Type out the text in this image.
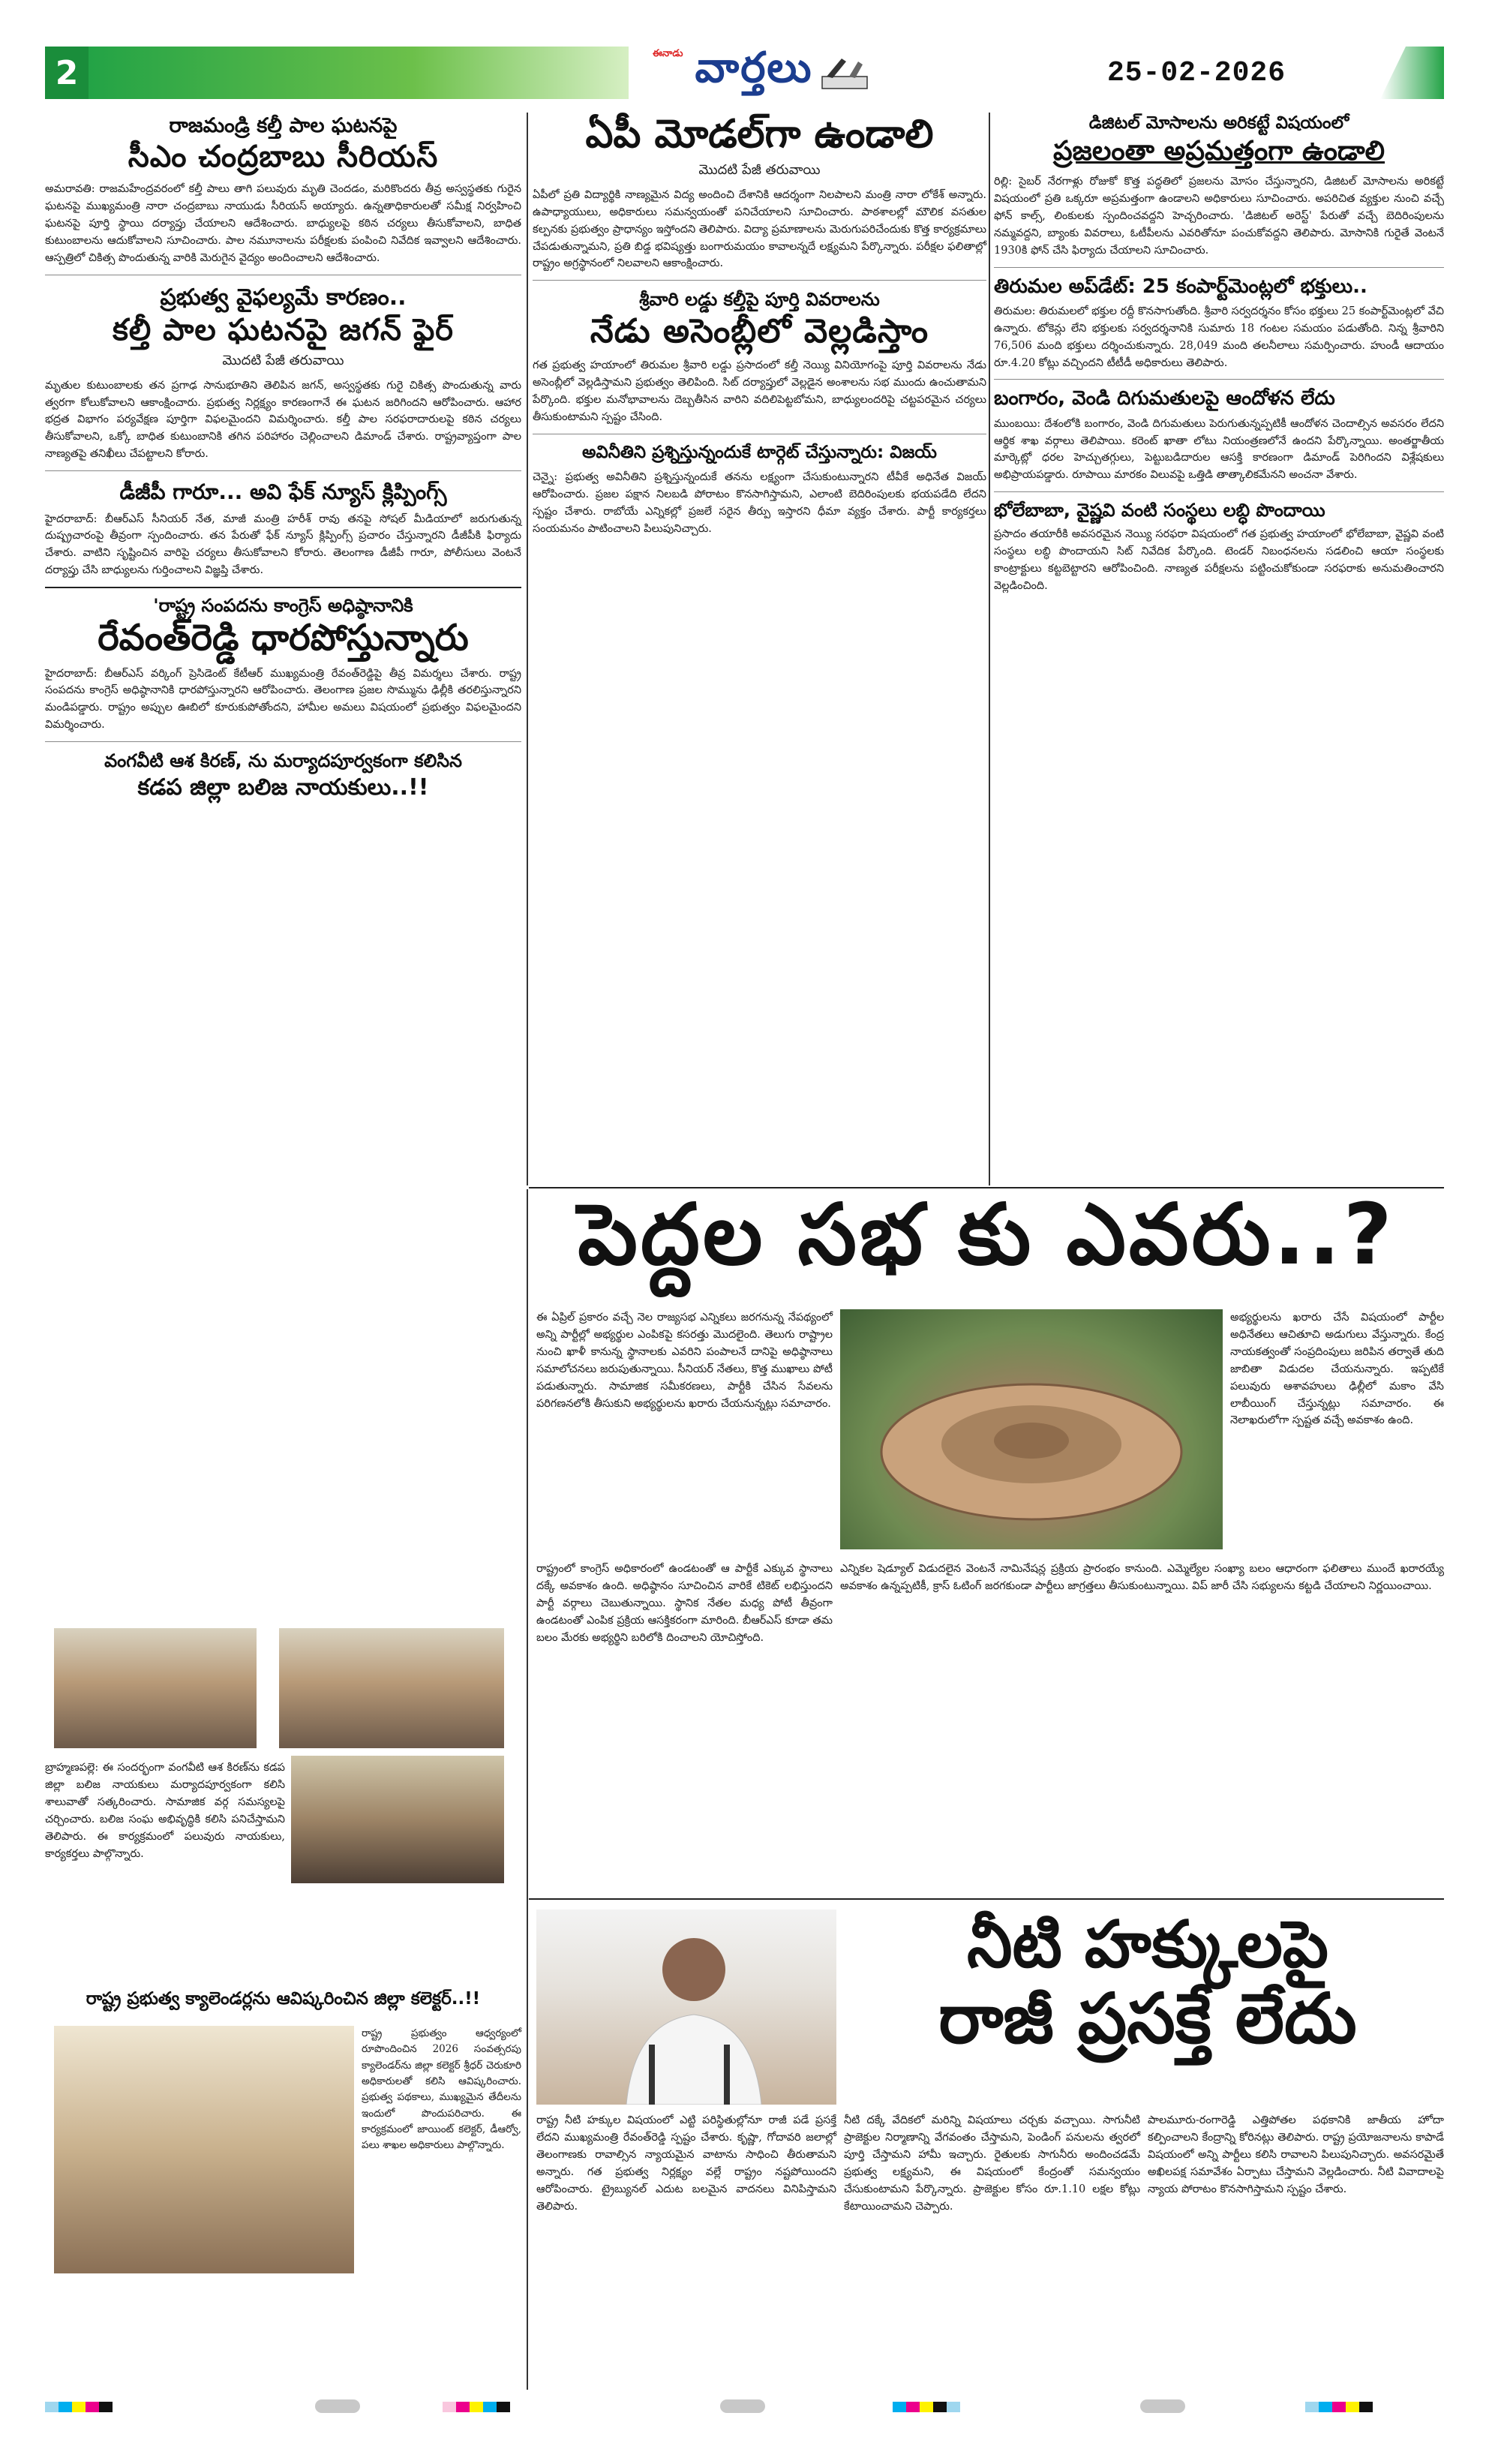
2	ఈనాడు వార్తలు	25-02-2026
రాజమండ్రి కల్తీ పాల ఘటనపై
సీఎం చంద్రబాబు సీరియస్
అమరావతి: రాజమహేంద్రవరంలో కల్తీ పాలు తాగి పలువురు మృతి చెందడం, మరికొందరు తీవ్ర అస్వస్థతకు గురైన ఘటనపై ముఖ్యమంత్రి నారా చంద్రబాబు నాయుడు సీరియస్ అయ్యారు. ఉన్నతాధికారులతో సమీక్ష నిర్వహించి ఘటనపై పూర్తి స్థాయి దర్యాప్తు చేయాలని ఆదేశించారు. బాధ్యులపై కఠిన చర్యలు తీసుకోవాలని, బాధిత కుటుంబాలను ఆదుకోవాలని సూచించారు. పాల నమూనాలను పరీక్షలకు పంపించి నివేదిక ఇవ్వాలని ఆదేశించారు. ఆస్పత్రిలో చికిత్స పొందుతున్న వారికి మెరుగైన వైద్యం అందించాలని ఆదేశించారు.
ప్రభుత్వ వైఫల్యమే కారణం..
కల్తీ పాల ఘటనపై జగన్ ఫైర్
మొదటి పేజీ తరువాయి
మృతుల కుటుంబాలకు తన ప్రగాఢ సానుభూతిని తెలిపిన జగన్, అస్వస్థతకు గురై చికిత్స పొందుతున్న వారు త్వరగా కోలుకోవాలని ఆకాంక్షించారు. ప్రభుత్వ నిర్లక్ష్యం కారణంగానే ఈ ఘటన జరిగిందని ఆరోపించారు. ఆహార భద్రత విభాగం పర్యవేక్షణ పూర్తిగా విఫలమైందని విమర్శించారు. కల్తీ పాల సరఫరాదారులపై కఠిన చర్యలు తీసుకోవాలని, ఒక్కో బాధిత కుటుంబానికి తగిన పరిహారం చెల్లించాలని డిమాండ్ చేశారు. రాష్ట్రవ్యాప్తంగా పాల నాణ్యతపై తనిఖీలు చేపట్టాలని కోరారు.
డీజీపీ గారూ... అవి ఫేక్ న్యూస్ క్లిప్పింగ్స్
హైదరాబాద్: బీఆర్ఎస్ సీనియర్ నేత, మాజీ మంత్రి హరీశ్ రావు తనపై సోషల్ మీడియాలో జరుగుతున్న దుష్ప్రచారంపై తీవ్రంగా స్పందించారు. తన పేరుతో ఫేక్ న్యూస్ క్లిప్పింగ్స్ ప్రచారం చేస్తున్నారని డీజీపీకి ఫిర్యాదు చేశారు. వాటిని సృష్టించిన వారిపై చర్యలు తీసుకోవాలని కోరారు. తెలంగాణ డీజీపీ గారూ, పోలీసులు వెంటనే దర్యాప్తు చేసి బాధ్యులను గుర్తించాలని విజ్ఞప్తి చేశారు.
'రాష్ట్ర సంపదను కాంగ్రెస్ అధిష్ఠానానికి
రేవంత్‌రెడ్డి ధారపోస్తున్నారు
హైదరాబాద్: బీఆర్ఎస్ వర్కింగ్ ప్రెసిడెంట్ కేటీఆర్ ముఖ్యమంత్రి రేవంత్‌రెడ్డిపై తీవ్ర విమర్శలు చేశారు. రాష్ట్ర సంపదను కాంగ్రెస్ అధిష్ఠానానికి ధారపోస్తున్నారని ఆరోపించారు. తెలంగాణ ప్రజల సొమ్మును ఢిల్లీకి తరలిస్తున్నారని మండిపడ్డారు. రాష్ట్రం అప్పుల ఊబిలో కూరుకుపోతోందని, హామీల అమలు విషయంలో ప్రభుత్వం విఫలమైందని విమర్శించారు.
వంగవీటి ఆశ కిరణ్‌, ను మర్యాదపూర్వకంగా కలిసిన
కడప జిల్లా బలిజ నాయకులు..!!
బ్రాహ్మణపల్లె: ఈ సందర్భంగా వంగవీటి ఆశ కిరణ్‌ను కడప జిల్లా బలిజ నాయకులు మర్యాదపూర్వకంగా కలిసి శాలువాతో సత్కరించారు. సామాజిక వర్గ సమస్యలపై చర్చించారు. బలిజ సంఘ అభివృద్ధికి కలిసి పనిచేస్తామని తెలిపారు. ఈ కార్యక్రమంలో పలువురు నాయకులు, కార్యకర్తలు పాల్గొన్నారు.
రాష్ట్ర ప్రభుత్వ క్యాలెండర్లను ఆవిష్కరించిన జిల్లా కలెక్టర్..!!
రాష్ట్ర ప్రభుత్వం ఆధ్వర్యంలో రూపొందించిన 2026 సంవత్సరపు క్యాలెండర్‌ను జిల్లా కలెక్టర్ శ్రీధర్ చెరుకూరి అధికారులతో కలిసి ఆవిష్కరించారు. ప్రభుత్వ పథకాలు, ముఖ్యమైన తేదీలను ఇందులో పొందుపరిచారు. ఈ కార్యక్రమంలో జాయింట్ కలెక్టర్, డీఆర్వో, పలు శాఖల అధికారులు పాల్గొన్నారు.
ఏపీ మోడల్‌గా ఉండాలి
మొదటి పేజీ తరువాయి
ఏపీలో ప్రతి విద్యార్థికి నాణ్యమైన విద్య అందించి దేశానికి ఆదర్శంగా నిలపాలని మంత్రి నారా లోకేశ్ అన్నారు. ఉపాధ్యాయులు, అధికారులు సమన్వయంతో పనిచేయాలని సూచించారు. పాఠశాలల్లో మౌలిక వసతుల కల్పనకు ప్రభుత్వం ప్రాధాన్యం ఇస్తోందని తెలిపారు. విద్యా ప్రమాణాలను మెరుగుపరిచేందుకు కొత్త కార్యక్రమాలు చేపడుతున్నామని, ప్రతి బిడ్డ భవిష్యత్తు బంగారుమయం కావాలన్నదే లక్ష్యమని పేర్కొన్నారు. పరీక్షల ఫలితాల్లో రాష్ట్రం అగ్రస్థానంలో నిలవాలని ఆకాంక్షించారు.
శ్రీవారి లడ్డు కల్తీపై పూర్తి వివరాలను
నేడు అసెంబ్లీలో వెల్లడిస్తాం
గత ప్రభుత్వ హయాంలో తిరుమల శ్రీవారి లడ్డు ప్రసాదంలో కల్తీ నెయ్యి వినియోగంపై పూర్తి వివరాలను నేడు అసెంబ్లీలో వెల్లడిస్తామని ప్రభుత్వం తెలిపింది. సిట్ దర్యాప్తులో వెల్లడైన అంశాలను సభ ముందు ఉంచుతామని పేర్కొంది. భక్తుల మనోభావాలను దెబ్బతీసిన వారిని వదిలిపెట్టబోమని, బాధ్యులందరిపై చట్టపరమైన చర్యలు తీసుకుంటామని స్పష్టం చేసింది.
అవినీతిని ప్రశ్నిస్తున్నందుకే టార్గెట్ చేస్తున్నారు: విజయ్
చెన్నై: ప్రభుత్వ అవినీతిని ప్రశ్నిస్తున్నందుకే తనను లక్ష్యంగా చేసుకుంటున్నారని టీవీకే అధినేత విజయ్ ఆరోపించారు. ప్రజల పక్షాన నిలబడి పోరాటం కొనసాగిస్తామని, ఎలాంటి బెదిరింపులకు భయపడేది లేదని స్పష్టం చేశారు. రాబోయే ఎన్నికల్లో ప్రజలే సరైన తీర్పు ఇస్తారని ధీమా వ్యక్తం చేశారు. పార్టీ కార్యకర్తలు సంయమనం పాటించాలని పిలుపునిచ్చారు.
డిజిటల్ మోసాలను అరికట్టే విషయంలో
ప్రజలంతా అప్రమత్తంగా ఉండాలి
రిల్లి: సైబర్ నేరగాళ్లు రోజుకో కొత్త పద్ధతిలో ప్రజలను మోసం చేస్తున్నారని, డిజిటల్ మోసాలను అరికట్టే విషయంలో ప్రతి ఒక్కరూ అప్రమత్తంగా ఉండాలని అధికారులు సూచించారు. అపరిచిత వ్యక్తుల నుంచి వచ్చే ఫోన్ కాల్స్, లింకులకు స్పందించవద్దని హెచ్చరించారు. 'డిజిటల్ అరెస్ట్' పేరుతో వచ్చే బెదిరింపులను నమ్మవద్దని, బ్యాంకు వివరాలు, ఓటీపీలను ఎవరితోనూ పంచుకోవద్దని తెలిపారు. మోసానికి గురైతే వెంటనే 1930కి ఫోన్ చేసి ఫిర్యాదు చేయాలని సూచించారు.
తిరుమల అప్‌డేట్: 25 కంపార్ట్‌మెంట్లలో భక్తులు..
తిరుమల: తిరుమలలో భక్తుల రద్దీ కొనసాగుతోంది. శ్రీవారి సర్వదర్శనం కోసం భక్తులు 25 కంపార్ట్‌మెంట్లలో వేచి ఉన్నారు. టోకెన్లు లేని భక్తులకు సర్వదర్శనానికి సుమారు 18 గంటల సమయం పడుతోంది. నిన్న శ్రీవారిని 76,506 మంది భక్తులు దర్శించుకున్నారు. 28,049 మంది తలనీలాలు సమర్పించారు. హుండీ ఆదాయం రూ.4.20 కోట్లు వచ్చిందని టీటీడీ అధికారులు తెలిపారు.
బంగారం, వెండి దిగుమతులపై ఆందోళన లేదు
ముంబయి: దేశంలోకి బంగారం, వెండి దిగుమతులు పెరుగుతున్నప్పటికీ ఆందోళన చెందాల్సిన అవసరం లేదని ఆర్థిక శాఖ వర్గాలు తెలిపాయి. కరెంట్ ఖాతా లోటు నియంత్రణలోనే ఉందని పేర్కొన్నాయి. అంతర్జాతీయ మార్కెట్లో ధరల హెచ్చుతగ్గులు, పెట్టుబడిదారుల ఆసక్తి కారణంగా డిమాండ్ పెరిగిందని విశ్లేషకులు అభిప్రాయపడ్డారు. రూపాయి మారకం విలువపై ఒత్తిడి తాత్కాలికమేనని అంచనా వేశారు.
భోలేబాబా, వైష్ణవి వంటి సంస్థలు లబ్ధి పొందాయి
ప్రసాదం తయారీకి అవసరమైన నెయ్యి సరఫరా విషయంలో గత ప్రభుత్వ హయాంలో భోలేబాబా, వైష్ణవి వంటి సంస్థలు లబ్ధి పొందాయని సిట్ నివేదిక పేర్కొంది. టెండర్ నిబంధనలను సడలించి ఆయా సంస్థలకు కాంట్రాక్టులు కట్టబెట్టారని ఆరోపించింది. నాణ్యత పరీక్షలను పట్టించుకోకుండా సరఫరాకు అనుమతించారని వెల్లడించింది.
పెద్దల సభ కు ఎవరు..?
ఈ ఏప్రిల్ ప్రకారం వచ్చే నెల రాజ్యసభ ఎన్నికలు జరగనున్న నేపథ్యంలో అన్ని పార్టీల్లో అభ్యర్థుల ఎంపికపై కసరత్తు మొదలైంది. తెలుగు రాష్ట్రాల నుంచి ఖాళీ కానున్న స్థానాలకు ఎవరిని పంపాలనే దానిపై అధిష్ఠానాలు సమాలోచనలు జరుపుతున్నాయి. సీనియర్ నేతలు, కొత్త ముఖాలు పోటీ పడుతున్నారు. సామాజిక సమీకరణలు, పార్టీకి చేసిన సేవలను పరిగణనలోకి తీసుకుని అభ్యర్థులను ఖరారు చేయనున్నట్లు సమాచారం.
అభ్యర్థులను ఖరారు చేసే విషయంలో పార్టీల అధినేతలు ఆచితూచి అడుగులు వేస్తున్నారు. కేంద్ర నాయకత్వంతో సంప్రదింపులు జరిపిన తర్వాతే తుది జాబితా విడుదల చేయనున్నారు. ఇప్పటికే పలువురు ఆశావహులు ఢిల్లీలో మకాం వేసి లాబీయింగ్ చేస్తున్నట్లు సమాచారం. ఈ నెలాఖరులోగా స్పష్టత వచ్చే అవకాశం ఉంది.
రాష్ట్రంలో కాంగ్రెస్ అధికారంలో ఉండటంతో ఆ పార్టీకే ఎక్కువ స్థానాలు దక్కే అవకాశం ఉంది. అధిష్ఠానం సూచించిన వారికే టికెట్ లభిస్తుందని పార్టీ వర్గాలు చెబుతున్నాయి. స్థానిక నేతల మధ్య పోటీ తీవ్రంగా ఉండటంతో ఎంపిక ప్రక్రియ ఆసక్తికరంగా మారింది. బీఆర్ఎస్ కూడా తమ బలం మేరకు అభ్యర్థిని బరిలోకి దించాలని యోచిస్తోంది.
ఎన్నికల షెడ్యూల్ విడుదలైన వెంటనే నామినేషన్ల ప్రక్రియ ప్రారంభం కానుంది. ఎమ్మెల్యేల సంఖ్యా బలం ఆధారంగా ఫలితాలు ముందే ఖరారయ్యే అవకాశం ఉన్నప్పటికీ, క్రాస్ ఓటింగ్ జరగకుండా పార్టీలు జాగ్రత్తలు తీసుకుంటున్నాయి. విప్ జారీ చేసి సభ్యులను కట్టడి చేయాలని నిర్ణయించాయి.
నీటి హక్కులపై
రాజీ ప్రసక్తే లేదు
రాష్ట్ర నీటి హక్కుల విషయంలో ఎట్టి పరిస్థితుల్లోనూ రాజీ పడే ప్రసక్తే లేదని ముఖ్యమంత్రి రేవంత్‌రెడ్డి స్పష్టం చేశారు. కృష్ణా, గోదావరి జలాల్లో తెలంగాణకు రావాల్సిన న్యాయమైన వాటాను సాధించి తీరుతామని అన్నారు. గత ప్రభుత్వ నిర్లక్ష్యం వల్లే రాష్ట్రం నష్టపోయిందని ఆరోపించారు. ట్రైబ్యునల్ ఎదుట బలమైన వాదనలు వినిపిస్తామని తెలిపారు.
నీటి దక్కే వేదికలో మరిన్ని విషయాలు చర్చకు వచ్చాయి. సాగునీటి ప్రాజెక్టుల నిర్మాణాన్ని వేగవంతం చేస్తామని, పెండింగ్ పనులను త్వరలో పూర్తి చేస్తామని హామీ ఇచ్చారు. రైతులకు సాగునీరు అందించడమే ప్రభుత్వ లక్ష్యమని, ఈ విషయంలో కేంద్రంతో సమన్వయం చేసుకుంటామని పేర్కొన్నారు. ప్రాజెక్టుల కోసం రూ.1.10 లక్షల కోట్లు కేటాయించామని చెప్పారు.
పాలమూరు-రంగారెడ్డి ఎత్తిపోతల పథకానికి జాతీయ హోదా కల్పించాలని కేంద్రాన్ని కోరినట్లు తెలిపారు. రాష్ట్ర ప్రయోజనాలను కాపాడే విషయంలో అన్ని పార్టీలు కలిసి రావాలని పిలుపునిచ్చారు. అవసరమైతే అఖిలపక్ష సమావేశం ఏర్పాటు చేస్తామని వెల్లడించారు. నీటి వివాదాలపై న్యాయ పోరాటం కొనసాగిస్తామని స్పష్టం చేశారు.
